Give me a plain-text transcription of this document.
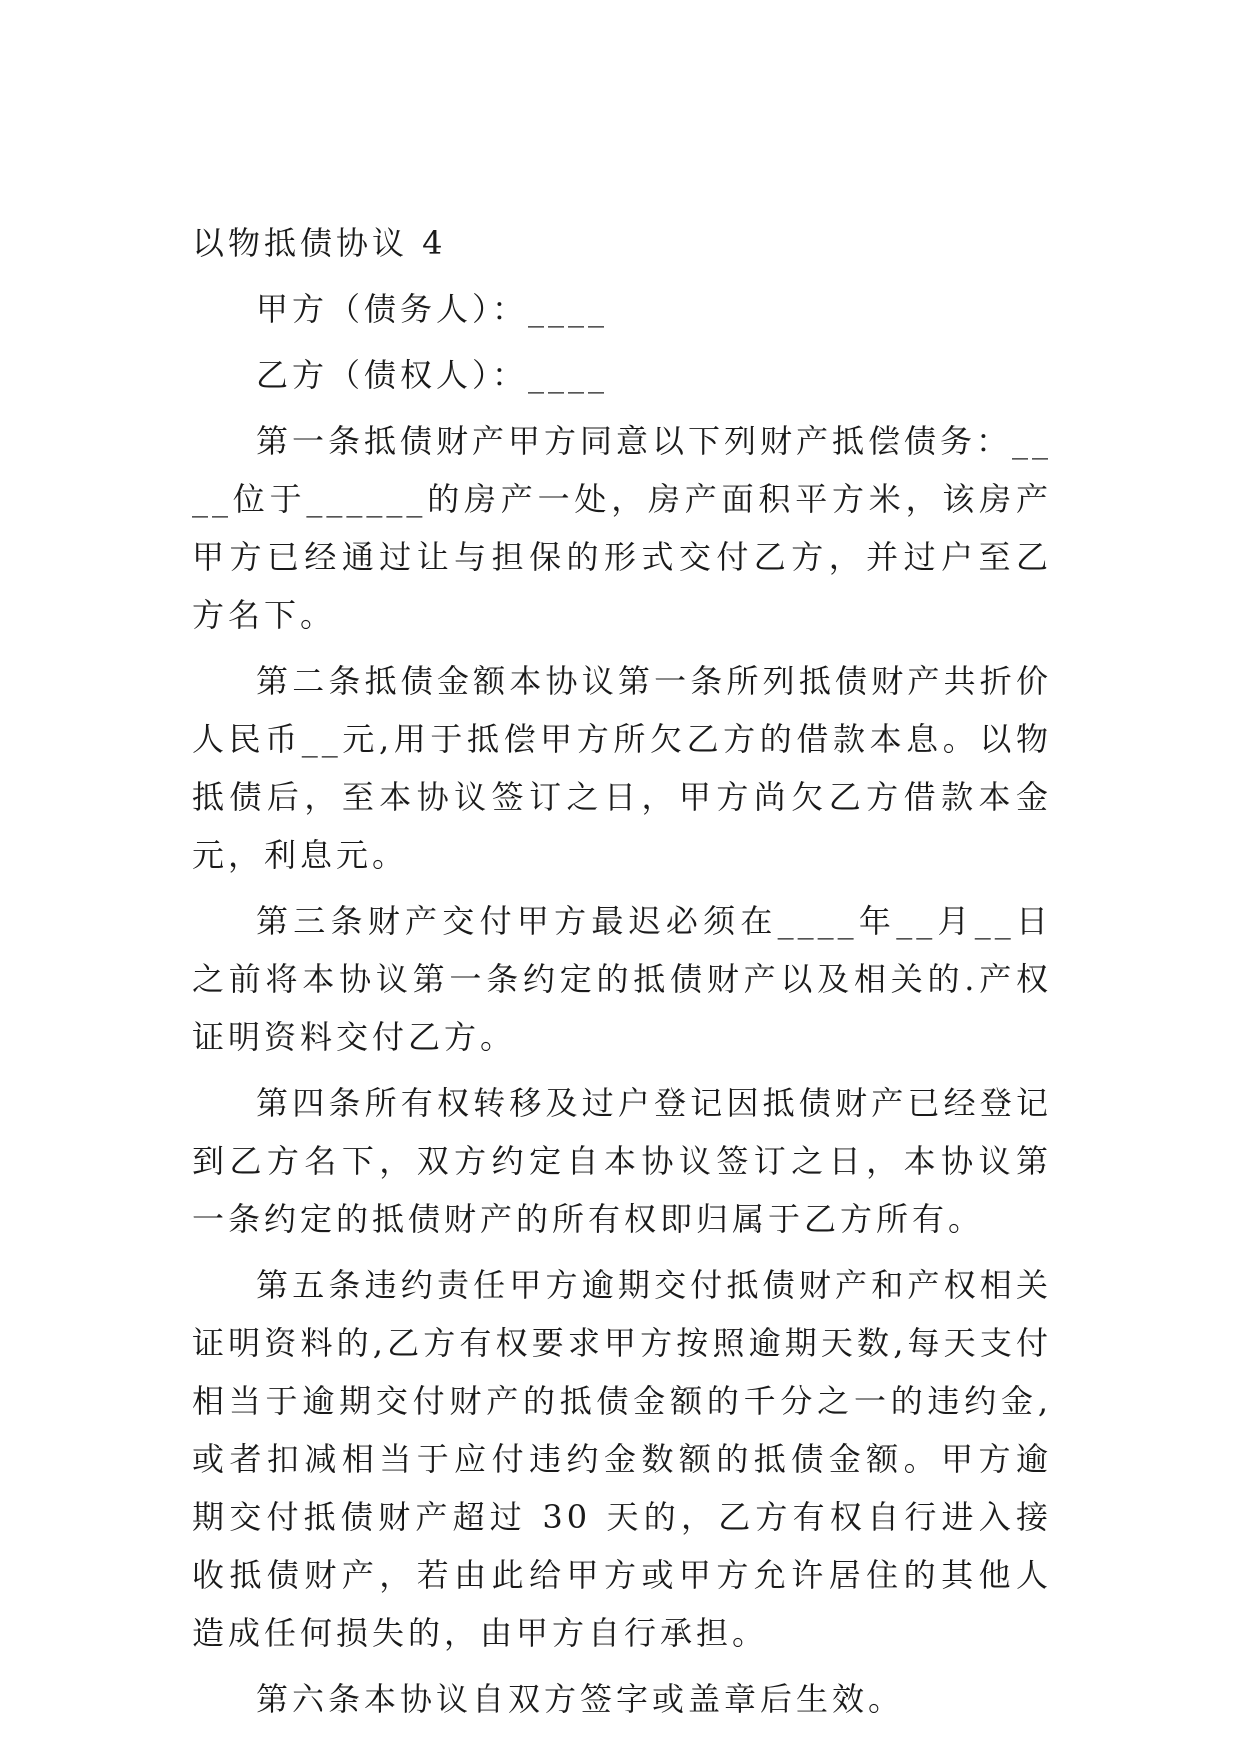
以物抵债协议 4

甲方（债务人）：____

乙方（债权人）：____

第一条抵债财产甲方同意以下列财产抵偿债务：____位于______的房产一处，房产面积平方米，该房产甲方已经通过让与担保的形式交付乙方，并过户至乙方名下。

第二条抵债金额本协议第一条所列抵债财产共折价人民币__元,用于抵偿甲方所欠乙方的借款本息。以物抵债后，至本协议签订之日，甲方尚欠乙方借款本金元，利息元。

第三条财产交付甲方最迟必须在____年__月__日之前将本协议第一条约定的抵债财产以及相关的.产权证明资料交付乙方。

第四条所有权转移及过户登记因抵债财产已经登记到乙方名下，双方约定自本协议签订之日，本协议第一条约定的抵债财产的所有权即归属于乙方所有。

第五条违约责任甲方逾期交付抵债财产和产权相关证明资料的,乙方有权要求甲方按照逾期天数,每天支付相当于逾期交付财产的抵债金额的千分之一的违约金,或者扣减相当于应付违约金数额的抵债金额。甲方逾期交付抵债财产超过 30 天的，乙方有权自行进入接收抵债财产，若由此给甲方或甲方允许居住的其他人造成任何损失的，由甲方自行承担。

第六条本协议自双方签字或盖章后生效。
